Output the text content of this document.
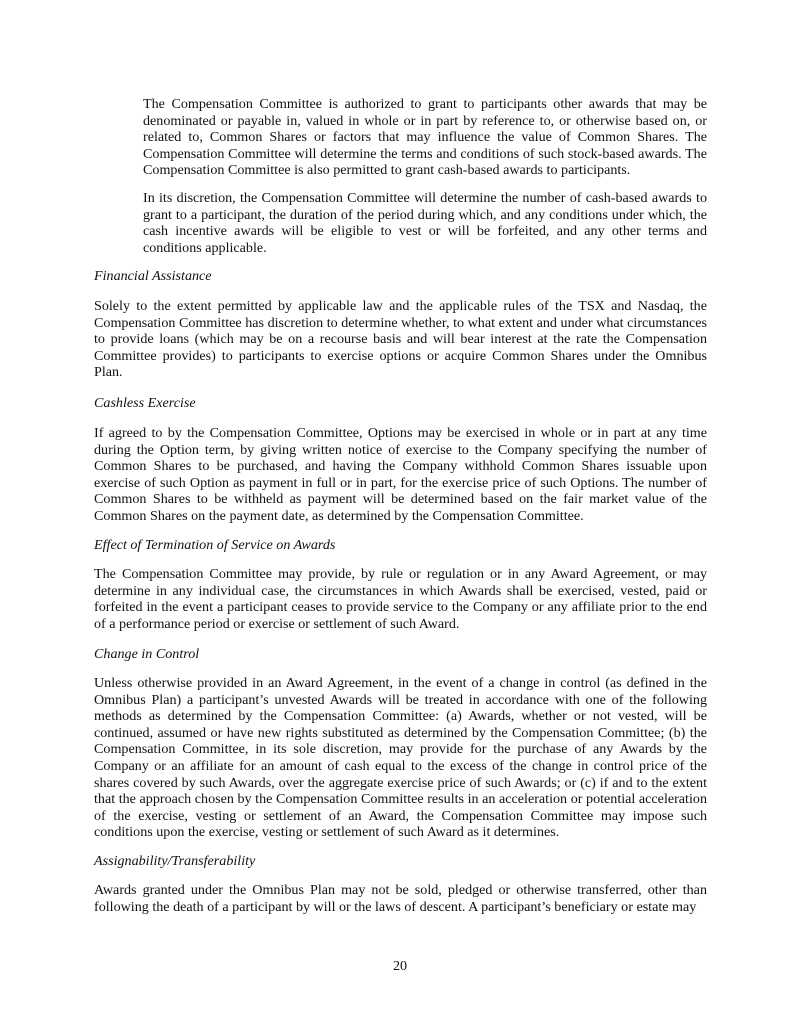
The Compensation Committee is authorized to grant to participants other awards that may be denominated or payable in, valued in whole or in part by reference to, or otherwise based on, or related to, Common Shares or factors that may influence the value of Common Shares. The Compensation Committee will determine the terms and conditions of such stock-based awards. The Compensation Committee is also permitted to grant cash-based awards to participants.

In its discretion, the Compensation Committee will determine the number of cash-based awards to grant to a participant, the duration of the period during which, and any conditions under which, the cash incentive awards will be eligible to vest or will be forfeited, and any other terms and conditions applicable.

Financial Assistance

Solely to the extent permitted by applicable law and the applicable rules of the TSX and Nasdaq, the Compensation Committee has discretion to determine whether, to what extent and under what circumstances to provide loans (which may be on a recourse basis and will bear interest at the rate the Compensation Committee provides) to participants to exercise options or acquire Common Shares under the Omnibus Plan.

Cashless Exercise

If agreed to by the Compensation Committee, Options may be exercised in whole or in part at any time during the Option term, by giving written notice of exercise to the Company specifying the number of Common Shares to be purchased, and having the Company withhold Common Shares issuable upon exercise of such Option as payment in full or in part, for the exercise price of such Options. The number of Common Shares to be withheld as payment will be determined based on the fair market value of the Common Shares on the payment date, as determined by the Compensation Committee.

Effect of Termination of Service on Awards

The Compensation Committee may provide, by rule or regulation or in any Award Agreement, or may determine in any individual case, the circumstances in which Awards shall be exercised, vested, paid or forfeited in the event a participant ceases to provide service to the Company or any affiliate prior to the end of a performance period or exercise or settlement of such Award.

Change in Control

Unless otherwise provided in an Award Agreement, in the event of a change in control (as defined in the Omnibus Plan) a participant’s unvested Awards will be treated in accordance with one of the following methods as determined by the Compensation Committee: (a) Awards, whether or not vested, will be continued, assumed or have new rights substituted as determined by the Compensation Committee; (b) the Compensation Committee, in its sole discretion, may provide for the purchase of any Awards by the Company or an affiliate for an amount of cash equal to the excess of the change in control price of the shares covered by such Awards, over the aggregate exercise price of such Awards; or (c) if and to the extent that the approach chosen by the Compensation Committee results in an acceleration or potential acceleration of the exercise, vesting or settlement of an Award, the Compensation Committee may impose such conditions upon the exercise, vesting or settlement of such Award as it determines.

Assignability/Transferability

Awards granted under the Omnibus Plan may not be sold, pledged or otherwise transferred, other than following the death of a participant by will or the laws of descent. A participant’s beneficiary or estate may

20
